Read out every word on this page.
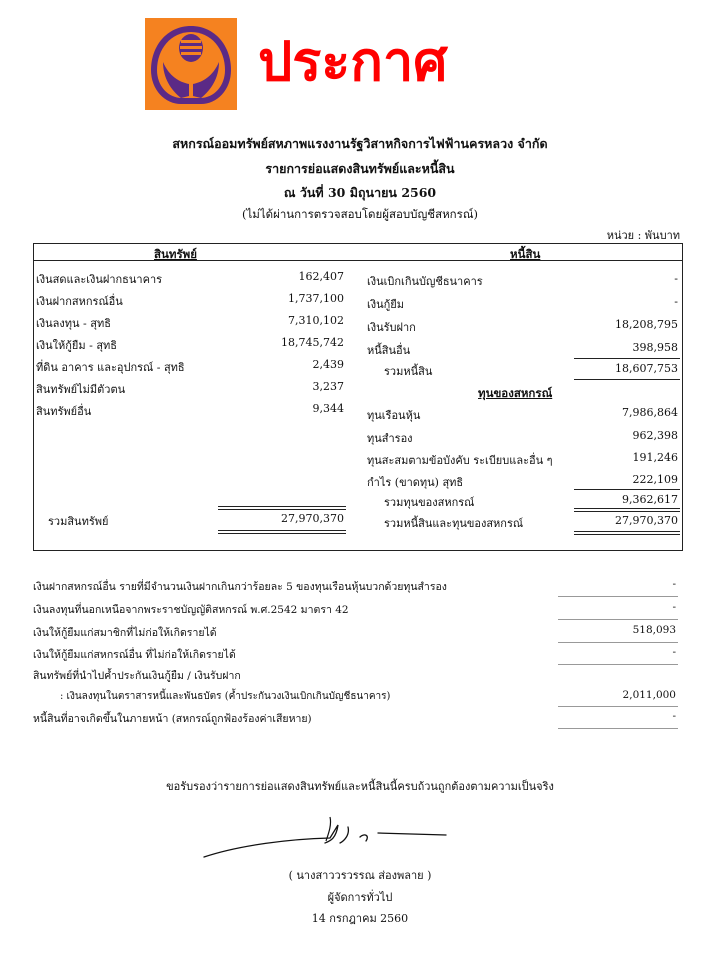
ประกาศ
สหกรณ์ออมทรัพย์สหภาพแรงงานรัฐวิสาหกิจการไฟฟ้านครหลวง จำกัด
รายการย่อแสดงสินทรัพย์และหนี้สิน
ณ วันที่ 30 มิถุนายน 2560
(ไม่ได้ผ่านการตรวจสอบโดยผู้สอบบัญชีสหกรณ์)
หน่วย : พันบาท
สินทรัพย์
เงินสดและเงินฝากธนาคาร	162,407
เงินฝากสหกรณ์อื่น	1,737,100
เงินลงทุน - สุทธิ	7,310,102
เงินให้กู้ยืม - สุทธิ	18,745,742
ที่ดิน อาคาร และอุปกรณ์ - สุทธิ	2,439
สินทรัพย์ไม่มีตัวตน	3,237
สินทรัพย์อื่น	9,344
รวมสินทรัพย์	27,970,370
หนี้สิน
เงินเบิกเกินบัญชีธนาคาร	-
เงินกู้ยืม	-
เงินรับฝาก	18,208,795
หนี้สินอื่น	398,958
รวมหนี้สิน	18,607,753
ทุนของสหกรณ์
ทุนเรือนหุ้น	7,986,864
ทุนสำรอง	962,398
ทุนสะสมตามข้อบังคับ ระเบียบและอื่น ๆ	191,246
กำไร (ขาดทุน) สุทธิ	222,109
รวมทุนของสหกรณ์	9,362,617
รวมหนี้สินและทุนของสหกรณ์	27,970,370
เงินฝากสหกรณ์อื่น รายที่มีจำนวนเงินฝากเกินกว่าร้อยละ 5 ของทุนเรือนหุ้นบวกด้วยทุนสำรอง	-
เงินลงทุนที่นอกเหนือจากพระราชบัญญัติสหกรณ์ พ.ศ.2542 มาตรา 42	-
เงินให้กู้ยืมแก่สมาชิกที่ไม่ก่อให้เกิดรายได้	518,093
เงินให้กู้ยืมแก่สหกรณ์อื่น ที่ไม่ก่อให้เกิดรายได้	-
สินทรัพย์ที่นำไปค้ำประกันเงินกู้ยืม / เงินรับฝาก
: เงินลงทุนในตราสารหนี้และพันธบัตร (ค้ำประกันวงเงินเบิกเกินบัญชีธนาคาร)	2,011,000
หนี้สินที่อาจเกิดขึ้นในภายหน้า (สหกรณ์ถูกฟ้องร้องค่าเสียหาย)	-
ขอรับรองว่ารายการย่อแสดงสินทรัพย์และหนี้สินนี้ครบถ้วนถูกต้องตามความเป็นจริง
( นางสาววรวรรณ ส่องพลาย )
ผู้จัดการทั่วไป
14 กรกฎาคม 2560
